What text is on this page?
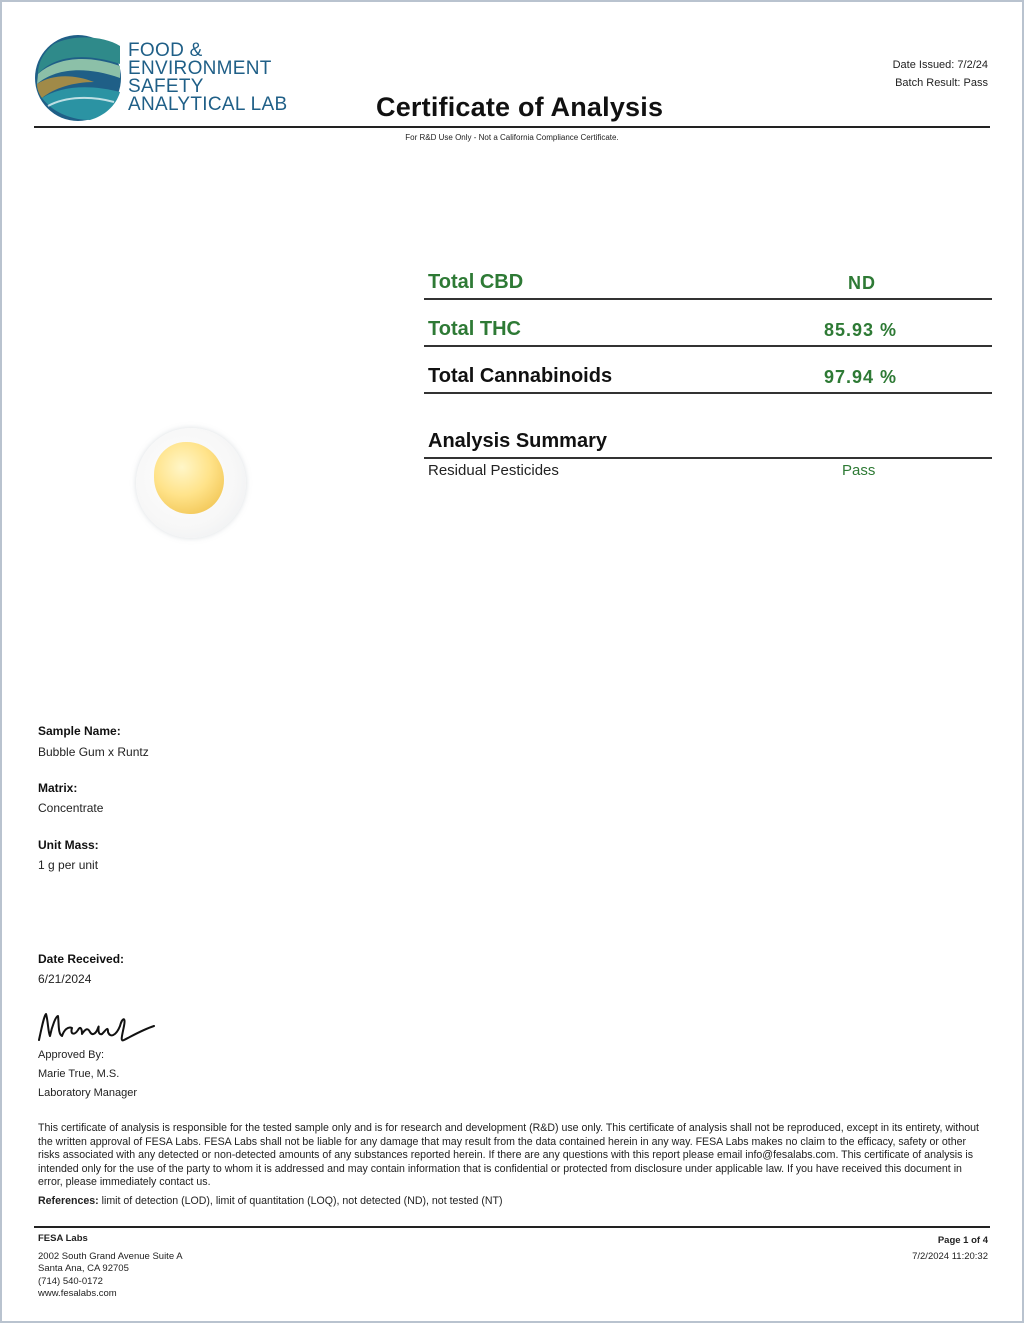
FOOD &
ENVIRONMENT
SAFETY
ANALYTICAL LAB	Certificate of Analysis
Date Issued: 7/2/24
Batch Result: Pass
For R&D Use Only - Not a California Compliance Certificate.
Total CBD	ND
Total THC	85.93 %
Total Cannabinoids	97.94 %
Analysis Summary
Residual Pesticides	Pass
Sample Name:
Bubble Gum x Runtz
Matrix:
Concentrate
Unit Mass:
1 g per unit
Date Received:
6/21/2024
Approved By:
Marie True, M.S.
Laboratory Manager
This certificate of analysis is responsible for the tested sample only and is for research and development (R&D) use only. This certificate of analysis shall not be reproduced, except in its entirety, without the written approval of FESA Labs. FESA Labs shall not be liable for any damage that may result from the data contained herein in any way. FESA Labs makes no claim to the efficacy, safety or other risks associated with any detected or non-detected amounts of any substances reported herein. If there are any questions with this report please email info@fesalabs.com. This certificate of analysis is intended only for the use of the party to whom it is addressed and may contain information that is confidential or protected from disclosure under applicable law. If you have received this document in error, please immediately contact us.
References: limit of detection (LOD), limit of quantitation (LOQ), not detected (ND), not tested (NT)
FESA Labs
2002 South Grand Avenue Suite A
Santa Ana, CA 92705
(714) 540-0172
www.fesalabs.com
Page 1 of 4
7/2/2024 11:20:32
